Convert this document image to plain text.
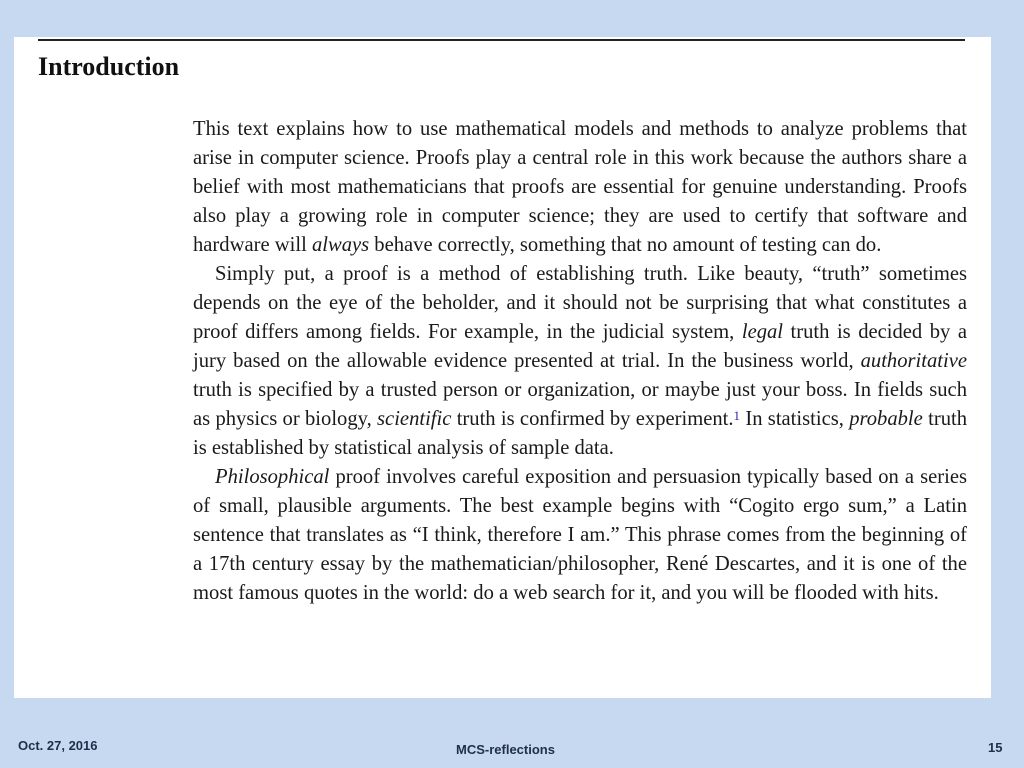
Introduction

This text explains how to use mathematical models and methods to analyze problems that arise in computer science. Proofs play a central role in this work because the authors share a belief with most mathematicians that proofs are essential for genuine understanding. Proofs also play a growing role in computer science; they are used to certify that software and hardware will always behave correctly, something that no amount of testing can do.

Simply put, a proof is a method of establishing truth. Like beauty, “truth” sometimes depends on the eye of the beholder, and it should not be surprising that what constitutes a proof differs among fields. For example, in the judicial system, legal truth is decided by a jury based on the allowable evidence presented at trial. In the business world, authoritative truth is specified by a trusted person or organization, or maybe just your boss. In fields such as physics or biology, scientific truth is confirmed by experiment.$^1$ In statistics, probable truth is established by statistical analysis of sample data.

Philosophical proof involves careful exposition and persuasion typically based on a series of small, plausible arguments. The best example begins with “Cogito ergo sum,” a Latin sentence that translates as “I think, therefore I am.” This phrase comes from the beginning of a 17th century essay by the mathematician/philosopher, René Descartes, and it is one of the most famous quotes in the world: do a web search for it, and you will be flooded with hits.

Oct. 27, 2016	MCS-reflections	15
